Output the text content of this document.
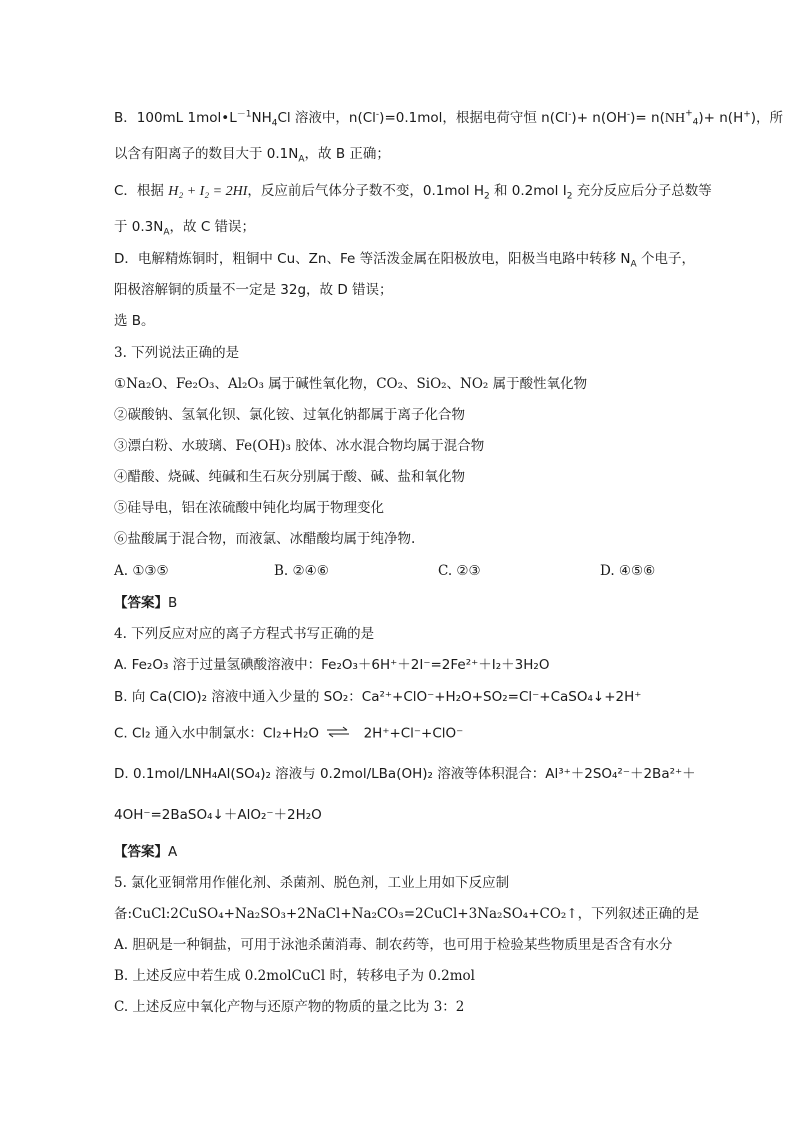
B．100mL $1mol•L^{-1}NH_4Cl$ 溶液中，n(Cl-)=0.1mol，根据电荷守恒 $n(Cl^-)+ n(OH^-)= n(NH^+_4)+ n(H^+)$，所
以含有阳离子的数目大于 $0.1N_A$，故 B 正确；
C．根据 H₂ + I₂ = 2HI，反应前后气体分子数不变，0.1mol $H_2$ 和 0.2mol $I_2$ 充分反应后分子总数等
于 $0.3N_A$，故 C 错误；
D．电解精炼铜时，粗铜中 Cu、Zn、Fe 等活泼金属在阳极放电，阳极当电路中转移 $N_A$ 个电子，
阳极溶解铜的质量不一定是 32g，故 D 错误；
选 B。
3. 下列说法正确的是
①Na₂O、Fe₂O₃、Al₂O₃ 属于碱性氧化物，CO₂、SiO₂、NO₂ 属于酸性氧化物
②碳酸钠、氢氧化钡、氯化铵、过氧化钠都属于离子化合物
③漂白粉、水玻璃、Fe(OH)₃ 胶体、冰水混合物均属于混合物
④醋酸、烧碱、纯碱和生石灰分别属于酸、碱、盐和氧化物
⑤硅导电，铝在浓硫酸中钝化均属于物理变化
⑥盐酸属于混合物，而液氯、冰醋酸均属于纯净物.
A. ①③⑤	B. ②④⑥	C. ②③	D. ④⑤⑥
【答案】B
4. 下列反应对应的离子方程式书写正确的是
A. Fe₂O₃ 溶于过量氢碘酸溶液中：Fe₂O₃＋6H⁺＋2I⁻=2Fe²⁺＋I₂＋3H₂O
B. 向 Ca(ClO)₂ 溶液中通入少量的 SO₂：Ca²⁺+ClO⁻+H₂O+SO₂=Cl⁻+CaSO₄↓+2H⁺
C. Cl₂ 通入水中制氯水：Cl₂+H₂O ⇌ 2H⁺+Cl⁻+ClO⁻
D. 0.1mol/LNH₄Al(SO₄)₂ 溶液与 0.2mol/LBa(OH)₂ 溶液等体积混合：Al³⁺＋2SO₄²⁻＋2Ba²⁺＋
4OH⁻=2BaSO₄↓＋AlO₂⁻＋2H₂O
【答案】A
5. 氯化亚铜常用作催化剂、杀菌剂、脱色剂，工业上用如下反应制
备:CuCl:2CuSO₄+Na₂SO₃+2NaCl+Na₂CO₃=2CuCl+3Na₂SO₄+CO₂↑，下列叙述正确的是
A. 胆矾是一种铜盐，可用于泳池杀菌消毒、制农药等，也可用于检验某些物质里是否含有水分
B. 上述反应中若生成 0.2molCuCl 时，转移电子为 0.2mol
C. 上述反应中氧化产物与还原产物的物质的量之比为 3：2
